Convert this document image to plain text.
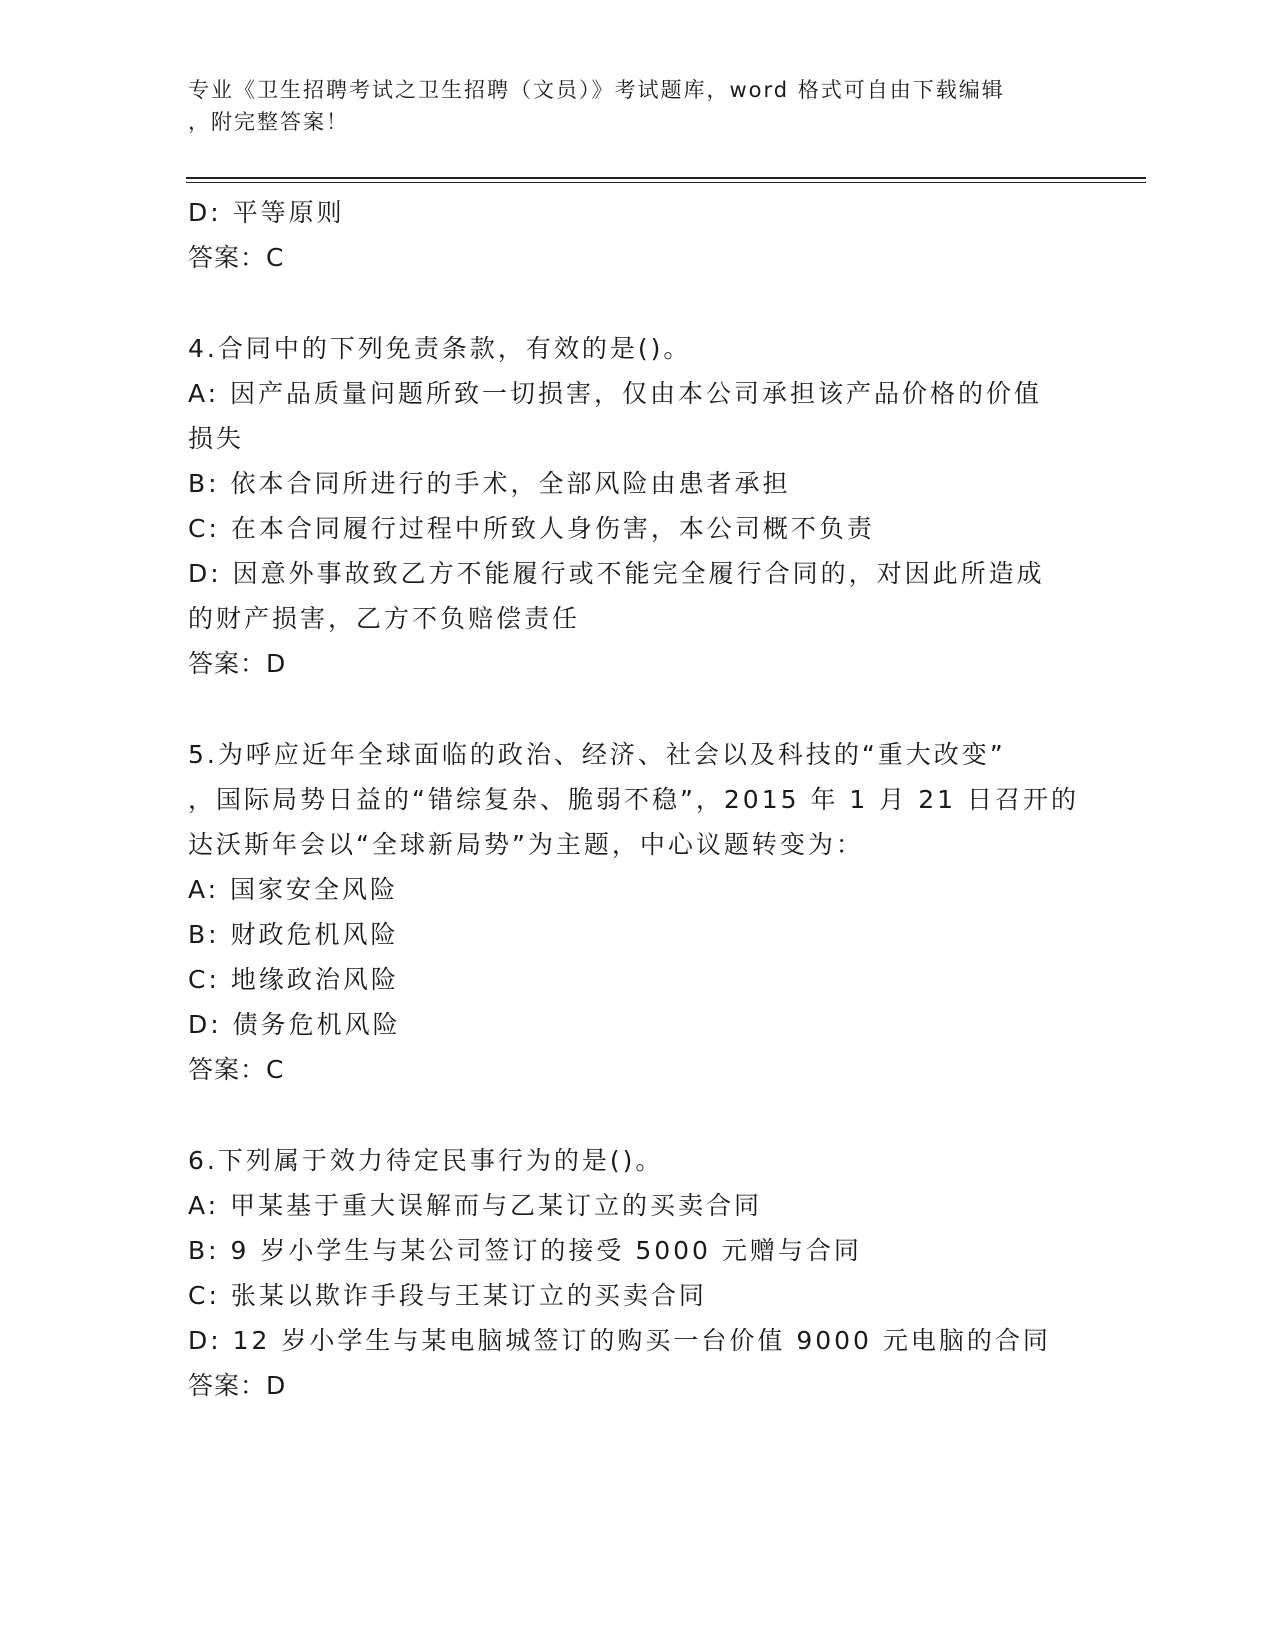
专业《卫生招聘考试之卫生招聘（文员）》考试题库，word 格式可自由下载编辑

，附完整答案！

D: 平等原则

答案：C

4.合同中的下列免责条款，有效的是()。

A: 因产品质量问题所致一切损害，仅由本公司承担该产品价格的价值

损失

B: 依本合同所进行的手术，全部风险由患者承担

C: 在本合同履行过程中所致人身伤害，本公司概不负责

D: 因意外事故致乙方不能履行或不能完全履行合同的，对因此所造成

的财产损害，乙方不负赔偿责任

答案：D

5.为呼应近年全球面临的政治、经济、社会以及科技的“重大改变”

，国际局势日益的“错综复杂、脆弱不稳”，2015 年 1 月 21 日召开的

达沃斯年会以“全球新局势”为主题，中心议题转变为：

A: 国家安全风险

B: 财政危机风险

C: 地缘政治风险

D: 债务危机风险

答案：C

6.下列属于效力待定民事行为的是()。

A: 甲某基于重大误解而与乙某订立的买卖合同

B: 9 岁小学生与某公司签订的接受 5000 元赠与合同

C: 张某以欺诈手段与王某订立的买卖合同

D: 12 岁小学生与某电脑城签订的购买一台价值 9000 元电脑的合同

答案：D
